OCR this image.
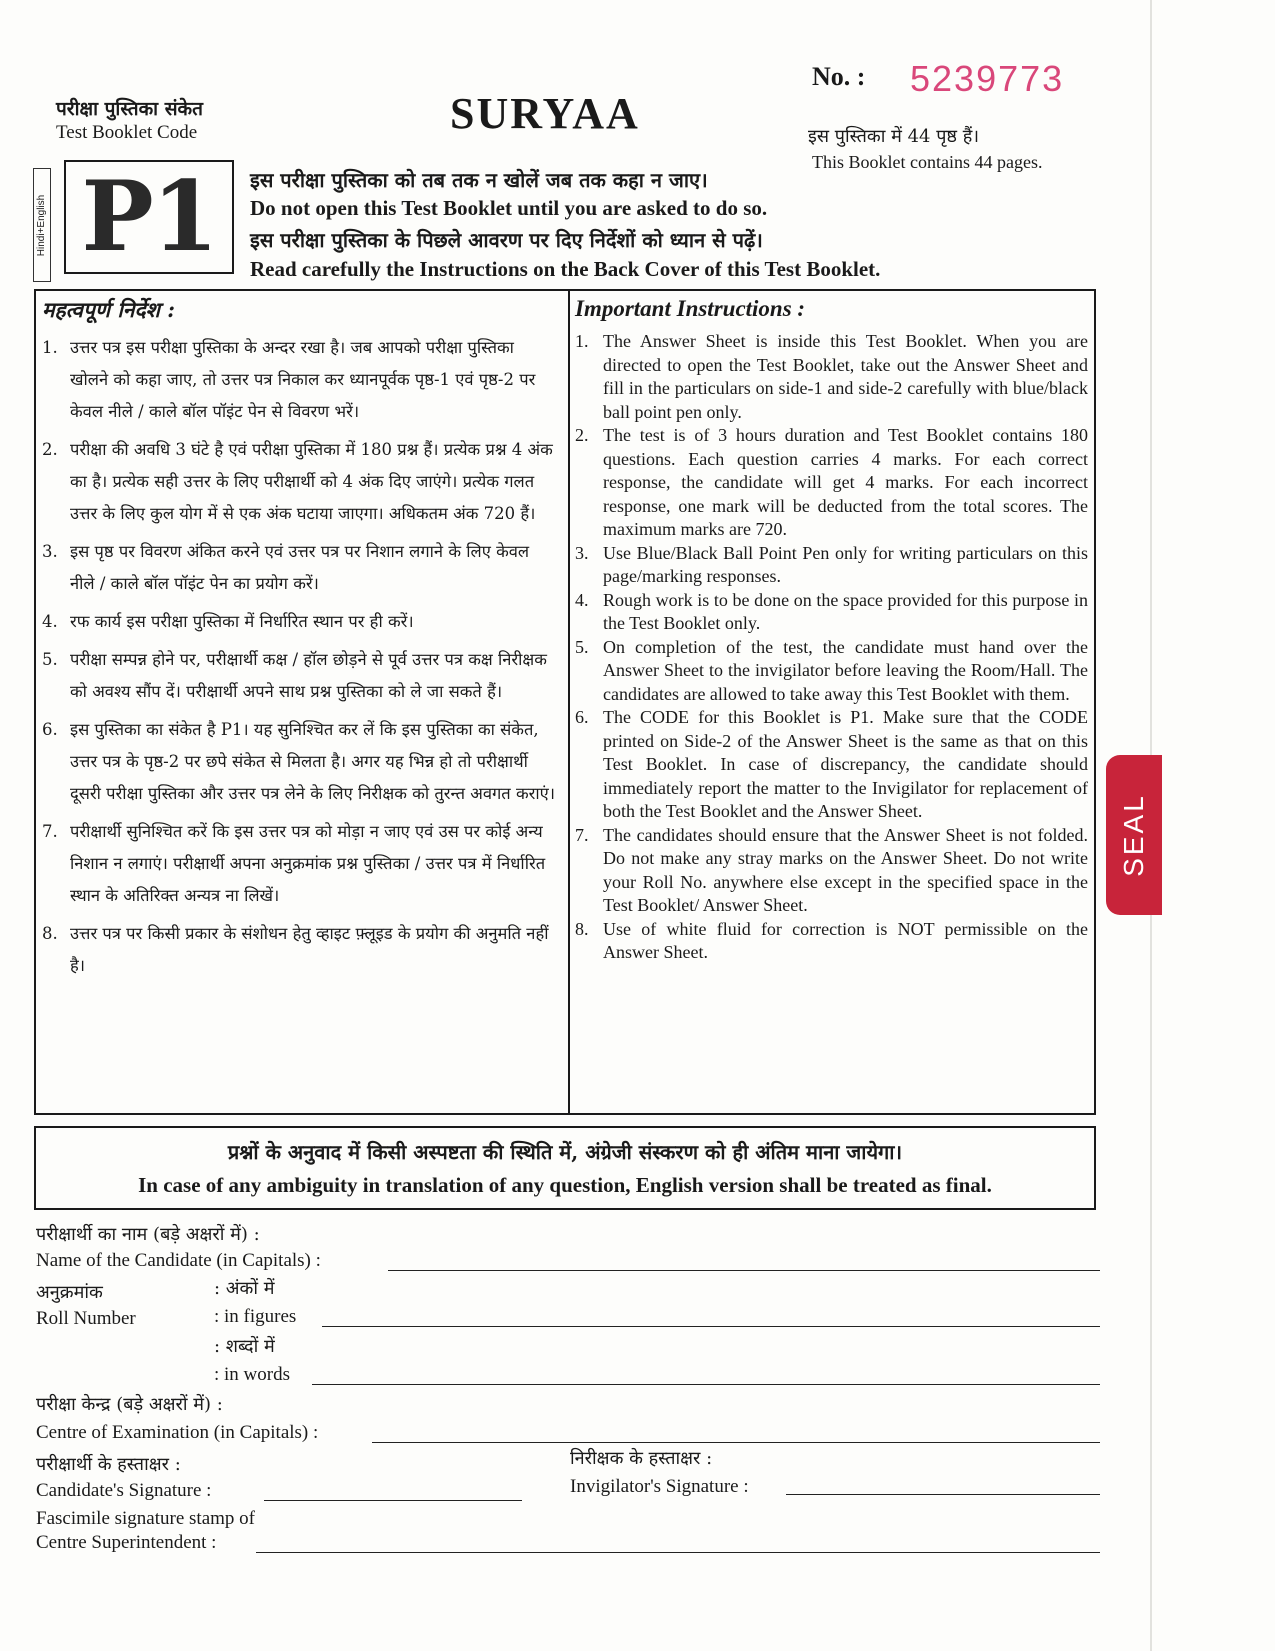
परीक्षा पुस्तिका संकेत
Test Booklet Code	SURYAA
No. : 5239773
इस पुस्तिका में 44 पृष्ठ हैं।
This Booklet contains 44 pages.
Hindi+English P1 इस परीक्षा पुस्तिका को तब तक न खोलें जब तक कहा न जाए।
Do not open this Test Booklet until you are asked to do so.
इस परीक्षा पुस्तिका के पिछले आवरण पर दिए निर्देशों को ध्यान से पढ़ें।
Read carefully the Instructions on the Back Cover of this Test Booklet.
महत्वपूर्ण निर्देश :
1. उत्तर पत्र इस परीक्षा पुस्तिका के अन्दर रखा है। जब आपको परीक्षा पुस्तिका खोलने को कहा जाए, तो उत्तर पत्र निकाल कर ध्यानपूर्वक पृष्ठ-1 एवं पृष्ठ-2 पर केवल नीले / काले बॉल पॉइंट पेन से विवरण भरें।
2. परीक्षा की अवधि 3 घंटे है एवं परीक्षा पुस्तिका में 180 प्रश्न हैं। प्रत्येक प्रश्न 4 अंक का है। प्रत्येक सही उत्तर के लिए परीक्षार्थी को 4 अंक दिए जाएंगे। प्रत्येक गलत उत्तर के लिए कुल योग में से एक अंक घटाया जाएगा। अधिकतम अंक 720 हैं।
3. इस पृष्ठ पर विवरण अंकित करने एवं उत्तर पत्र पर निशान लगाने के लिए केवल नीले / काले बॉल पॉइंट पेन का प्रयोग करें।
4. रफ कार्य इस परीक्षा पुस्तिका में निर्धारित स्थान पर ही करें।
5. परीक्षा सम्पन्न होने पर, परीक्षार्थी कक्ष / हॉल छोड़ने से पूर्व उत्तर पत्र कक्ष निरीक्षक को अवश्य सौंप दें। परीक्षार्थी अपने साथ प्रश्न पुस्तिका को ले जा सकते हैं।
6. इस पुस्तिका का संकेत है P1। यह सुनिश्चित कर लें कि इस पुस्तिका का संकेत, उत्तर पत्र के पृष्ठ-2 पर छपे संकेत से मिलता है। अगर यह भिन्न हो तो परीक्षार्थी दूसरी परीक्षा पुस्तिका और उत्तर पत्र लेने के लिए निरीक्षक को तुरन्त अवगत कराएं।
7. परीक्षार्थी सुनिश्चित करें कि इस उत्तर पत्र को मोड़ा न जाए एवं उस पर कोई अन्य निशान न लगाएं। परीक्षार्थी अपना अनुक्रमांक प्रश्न पुस्तिका / उत्तर पत्र में निर्धारित स्थान के अतिरिक्त अन्यत्र ना लिखें।
8. उत्तर पत्र पर किसी प्रकार के संशोधन हेतु व्हाइट फ़्लूइड के प्रयोग की अनुमति नहीं है।
Important Instructions :
1. The Answer Sheet is inside this Test Booklet. When you are directed to open the Test Booklet, take out the Answer Sheet and fill in the particulars on side-1 and side-2 carefully with blue/black ball point pen only.
2. The test is of 3 hours duration and Test Booklet contains 180 questions. Each question carries 4 marks. For each correct response, the candidate will get 4 marks. For each incorrect response, one mark will be deducted from the total scores. The maximum marks are 720.
3. Use Blue/Black Ball Point Pen only for writing particulars on this page/marking responses.
4. Rough work is to be done on the space provided for this purpose in the Test Booklet only.
5. On completion of the test, the candidate must hand over the Answer Sheet to the invigilator before leaving the Room/Hall. The candidates are allowed to take away this Test Booklet with them.
6. The CODE for this Booklet is P1. Make sure that the CODE printed on Side-2 of the Answer Sheet is the same as that on this Test Booklet. In case of discrepancy, the candidate should immediately report the matter to the Invigilator for replacement of both the Test Booklet and the Answer Sheet.
7. The candidates should ensure that the Answer Sheet is not folded. Do not make any stray marks on the Answer Sheet. Do not write your Roll No. anywhere else except in the specified space in the Test Booklet/ Answer Sheet.
8. Use of white fluid for correction is NOT permissible on the Answer Sheet.
प्रश्नों के अनुवाद में किसी अस्पष्टता की स्थिति में, अंग्रेजी संस्करण को ही अंतिम माना जायेगा।
In case of any ambiguity in translation of any question, English version shall be treated as final.
परीक्षार्थी का नाम (बड़े अक्षरों में) :
Name of the Candidate (in Capitals) :
अनुक्रमांक
Roll Number
: अंकों में
: in figures
: शब्दों में
: in words
परीक्षा केन्द्र (बड़े अक्षरों में) :
Centre of Examination (in Capitals) :
परीक्षार्थी के हस्ताक्षर :
Candidate's Signature :
निरीक्षक के हस्ताक्षर :
Invigilator's Signature :
Fascimile signature stamp of
Centre Superintendent :
SEAL
